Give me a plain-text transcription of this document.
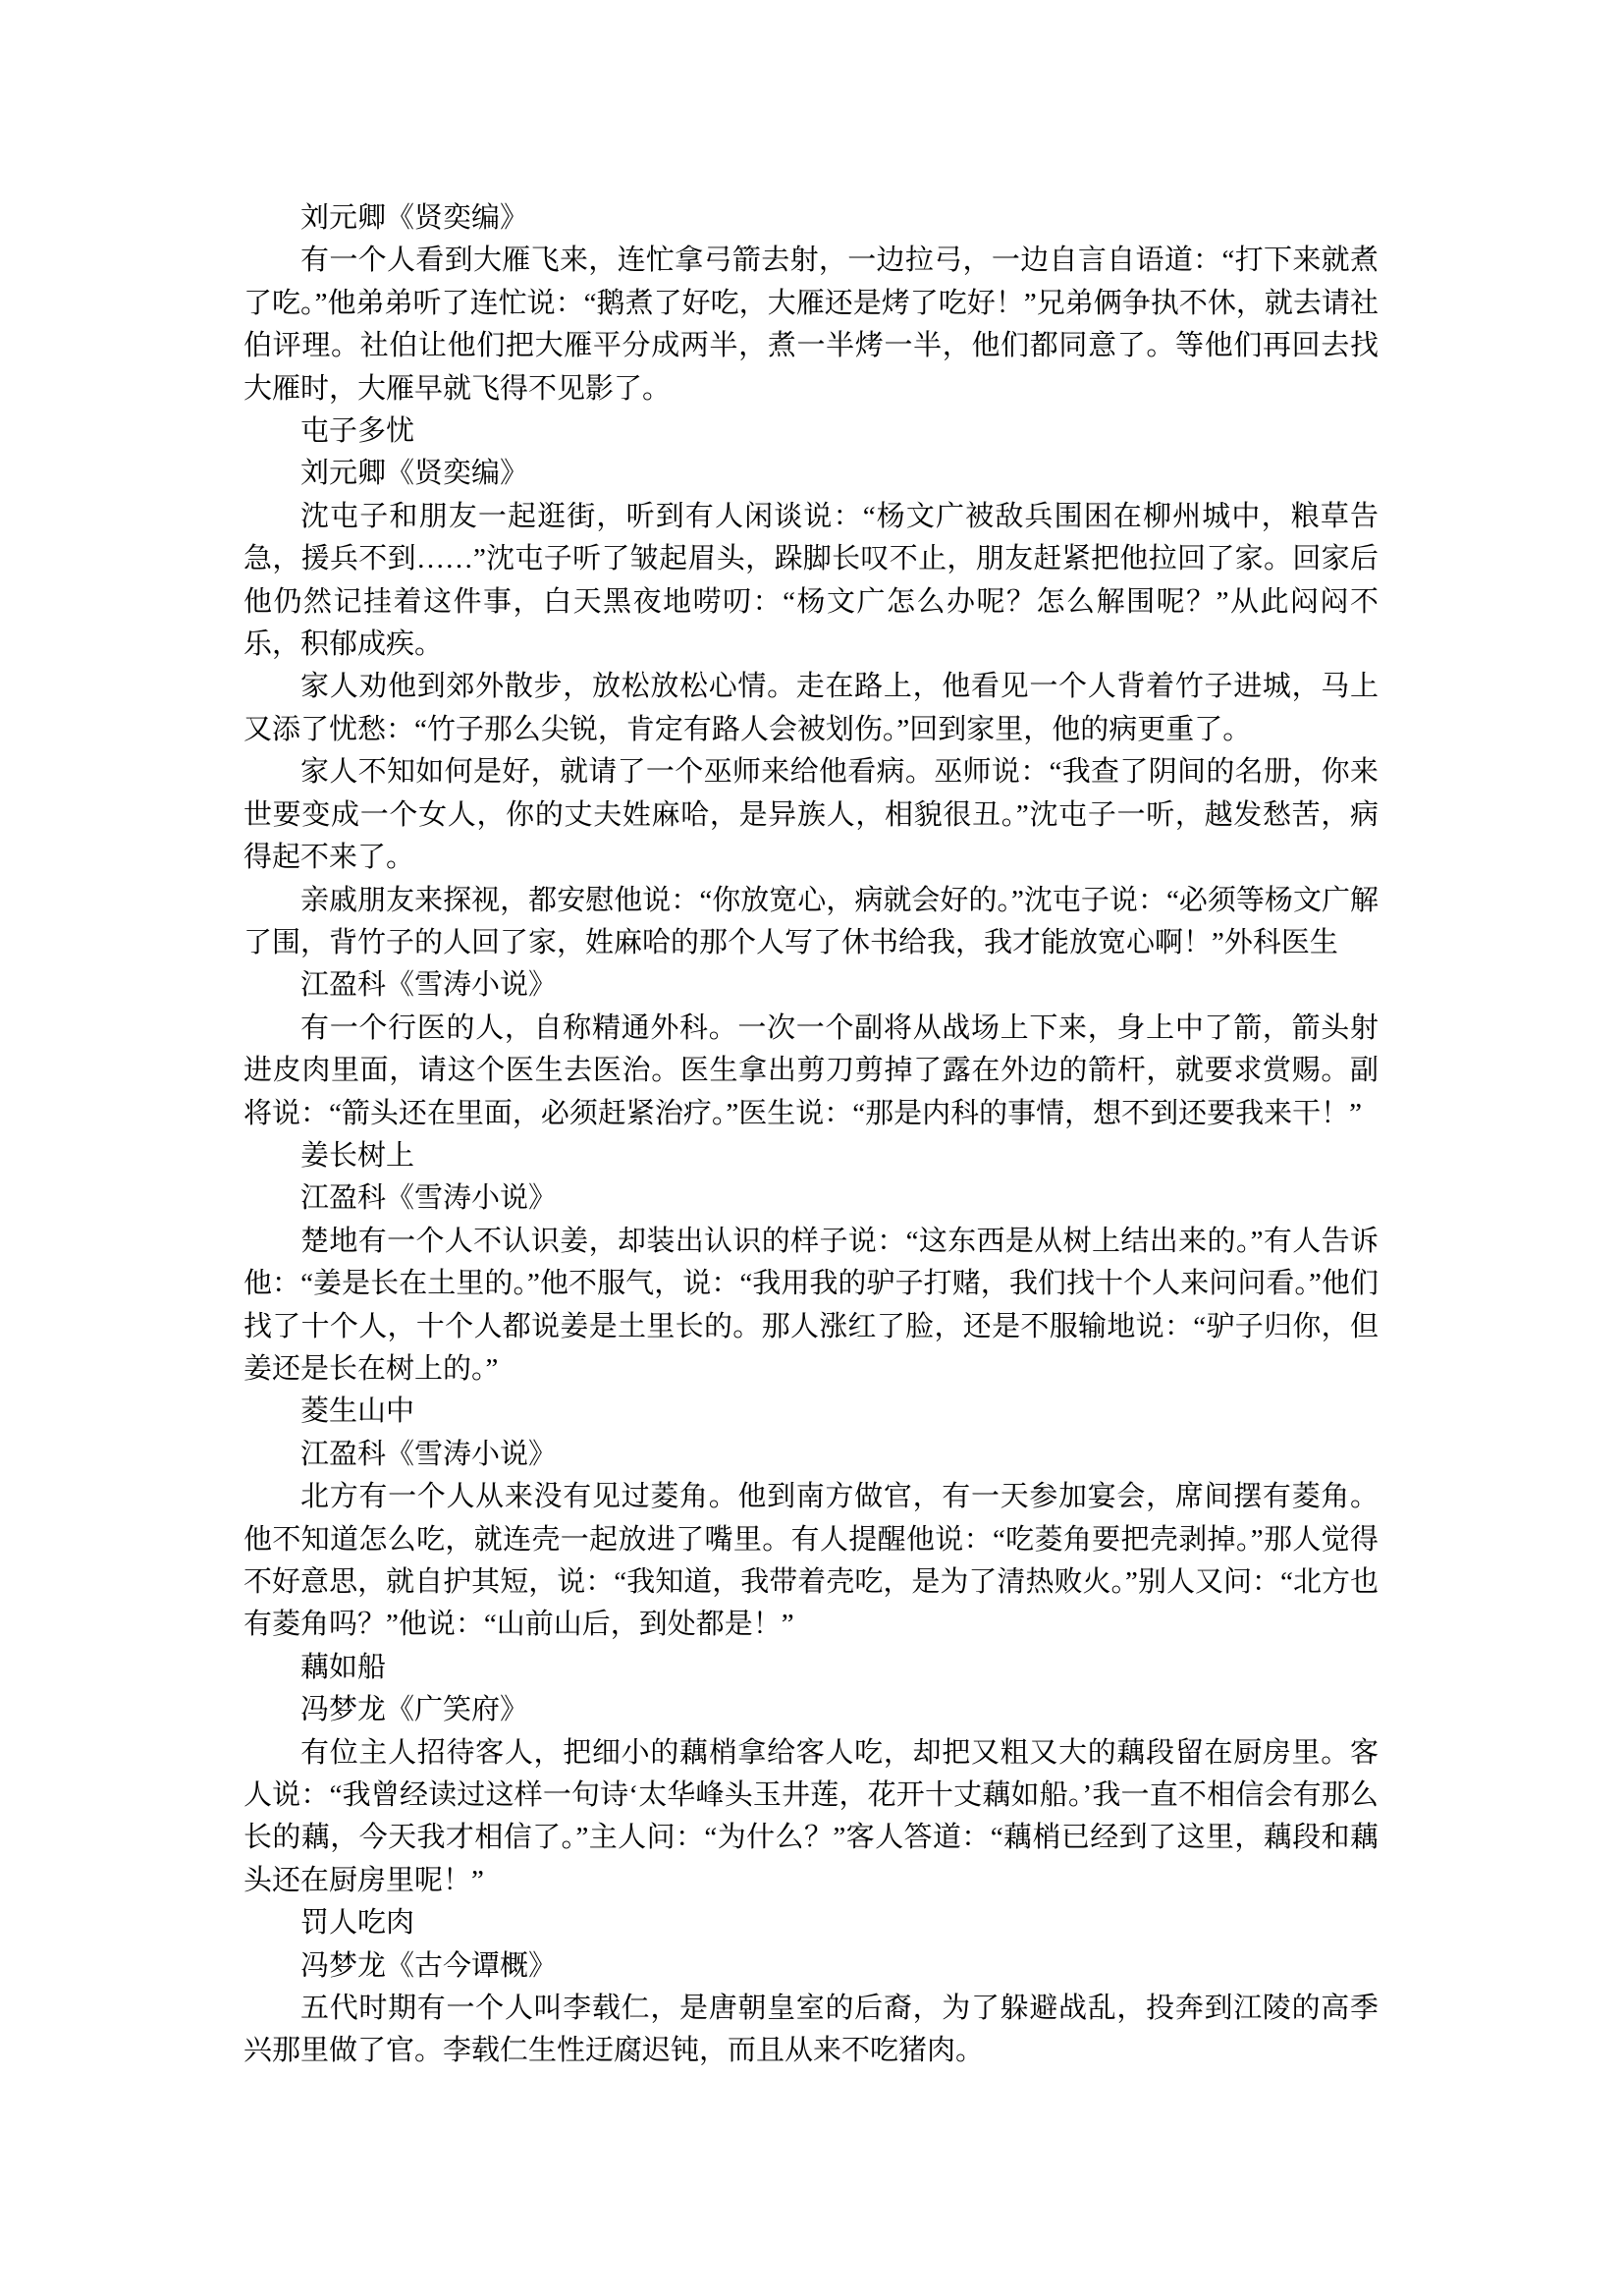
刘元卿《贤奕编》

有一个人看到大雁飞来，连忙拿弓箭去射，一边拉弓，一边自言自语道：“打下来就煮了吃。”他弟弟听了连忙说：“鹅煮了好吃，大雁还是烤了吃好！”兄弟俩争执不休，就去请社伯评理。社伯让他们把大雁平分成两半，煮一半烤一半，他们都同意了。等他们再回去找大雁时，大雁早就飞得不见影了。

屯子多忧

刘元卿《贤奕编》

沈屯子和朋友一起逛街，听到有人闲谈说：“杨文广被敌兵围困在柳州城中，粮草告急，援兵不到……”沈屯子听了皱起眉头，跺脚长叹不止，朋友赶紧把他拉回了家。回家后他仍然记挂着这件事，白天黑夜地唠叨：“杨文广怎么办呢？怎么解围呢？”从此闷闷不乐，积郁成疾。

家人劝他到郊外散步，放松放松心情。走在路上，他看见一个人背着竹子进城，马上又添了忧愁：“竹子那么尖锐，肯定有路人会被划伤。”回到家里，他的病更重了。

家人不知如何是好，就请了一个巫师来给他看病。巫师说：“我查了阴间的名册，你来世要变成一个女人，你的丈夫姓麻哈，是异族人，相貌很丑。”沈屯子一听，越发愁苦，病得起不来了。

亲戚朋友来探视，都安慰他说：“你放宽心，病就会好的。”沈屯子说：“必须等杨文广解了围，背竹子的人回了家，姓麻哈的那个人写了休书给我，我才能放宽心啊！”外科医生

江盈科《雪涛小说》

有一个行医的人，自称精通外科。一次一个副将从战场上下来，身上中了箭，箭头射进皮肉里面，请这个医生去医治。医生拿出剪刀剪掉了露在外边的箭杆，就要求赏赐。副将说：“箭头还在里面，必须赶紧治疗。”医生说：“那是内科的事情，想不到还要我来干！”

姜长树上

江盈科《雪涛小说》

楚地有一个人不认识姜，却装出认识的样子说：“这东西是从树上结出来的。”有人告诉他：“姜是长在土里的。”他不服气，说：“我用我的驴子打赌，我们找十个人来问问看。”他们找了十个人，十个人都说姜是土里长的。那人涨红了脸，还是不服输地说：“驴子归你，但姜还是长在树上的。”

菱生山中

江盈科《雪涛小说》

北方有一个人从来没有见过菱角。他到南方做官，有一天参加宴会，席间摆有菱角。他不知道怎么吃，就连壳一起放进了嘴里。有人提醒他说：“吃菱角要把壳剥掉。”那人觉得不好意思，就自护其短，说：“我知道，我带着壳吃，是为了清热败火。”别人又问：“北方也有菱角吗？”他说：“山前山后，到处都是！”

藕如船

冯梦龙《广笑府》

有位主人招待客人，把细小的藕梢拿给客人吃，却把又粗又大的藕段留在厨房里。客人说：“我曾经读过这样一句诗‘太华峰头玉井莲，花开十丈藕如船。’我一直不相信会有那么长的藕，今天我才相信了。”主人问：“为什么？”客人答道：“藕梢已经到了这里，藕段和藕头还在厨房里呢！”

罚人吃肉

冯梦龙《古今谭概》

五代时期有一个人叫李载仁，是唐朝皇室的后裔，为了躲避战乱，投奔到江陵的高季兴那里做了官。李载仁生性迂腐迟钝，而且从来不吃猪肉。
